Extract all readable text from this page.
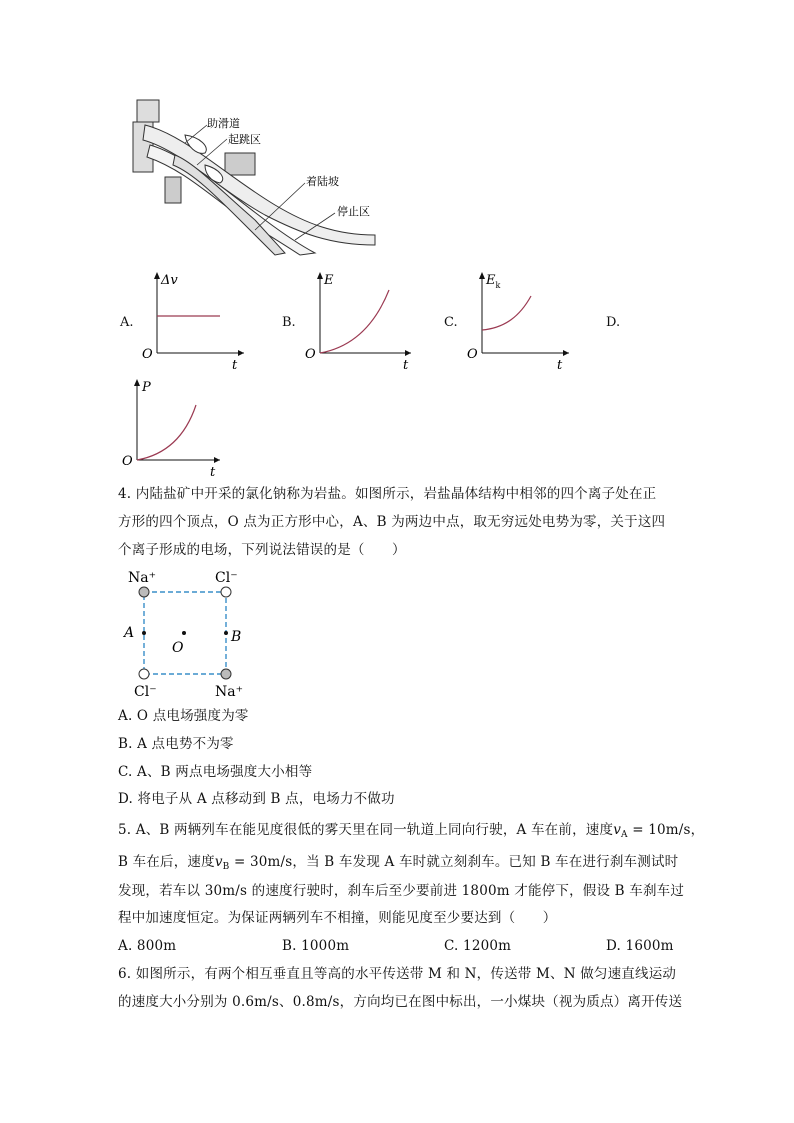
助滑道
起跳区
着陆坡
停止区
A.
Δv
O
t
B.
E
O
t
C.
$E_k$
O
t
D.
P
O
t
4. 内陆盐矿中开采的氯化钠称为岩盐。如图所示，岩盐晶体结构中相邻的四个离子处在正
方形的四个顶点，O 点为正方形中心，A、B 为两边中点，取无穷远处电势为零，关于这四
个离子形成的电场，下列说法错误的是（　　）
Na⁺	Cl⁻
Cl⁻	Na⁺
A
O
B
A. O 点电场强度为零
B. A 点电势不为零
C. A、B 两点电场强度大小相等
D. 将电子从 A 点移动到 B 点，电场力不做功
5. A、B 两辆列车在能见度很低的雾天里在同一轨道上同向行驶，A 车在前，速度$v_A = 10m/s$，
B 车在后，速度$v_B = 30m/s$，当 B 车发现 A 车时就立刻刹车。已知 B 车在进行刹车测试时
发现，若车以 30m/s 的速度行驶时，刹车后至少要前进 1800m 才能停下，假设 B 车刹车过
程中加速度恒定。为保证两辆列车不相撞，则能见度至少要达到（　　）
A. 800m	B. 1000m	C. 1200m	D. 1600m
6. 如图所示，有两个相互垂直且等高的水平传送带 M 和 N，传送带 M、N 做匀速直线运动
的速度大小分别为 0.6m/s、0.8m/s，方向均已在图中标出，一小煤块（视为质点）离开传送
